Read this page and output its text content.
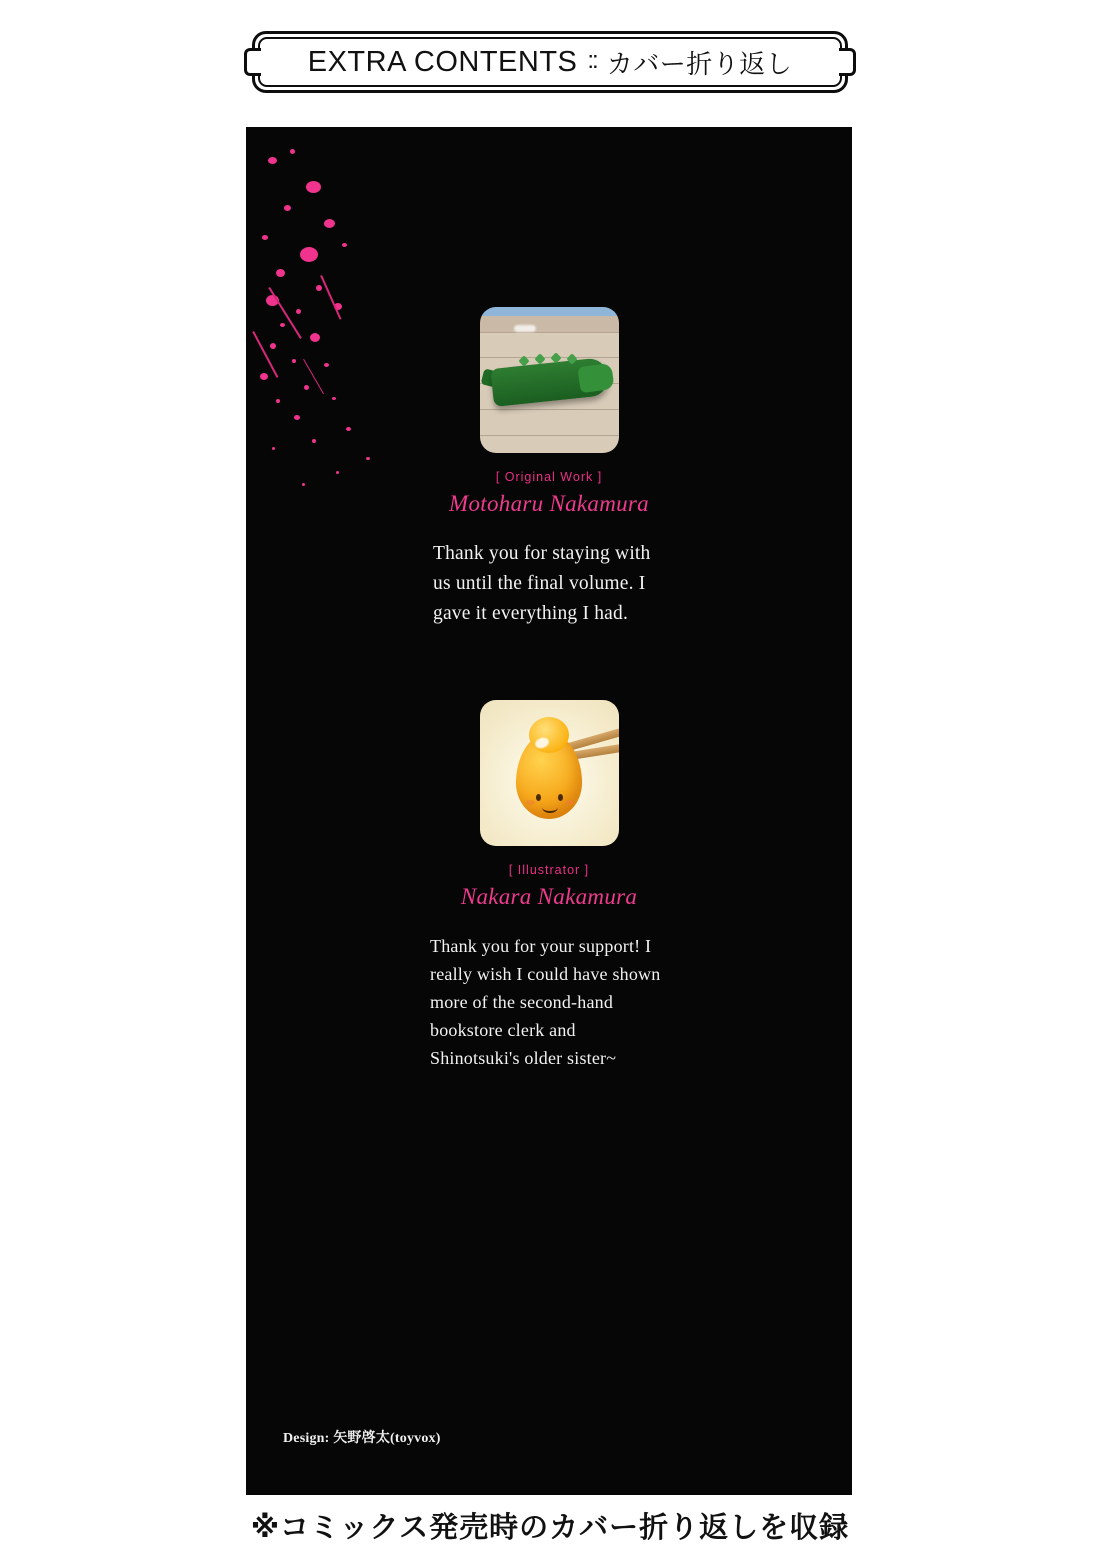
EXTRA CONTENTS :: カバー折り返し
[ Original Work ]
Motoharu Nakamura
Thank you for staying with us until the final volume. I gave it everything I had.
[ Illustrator ]
Nakara Nakamura
Thank you for your support! I really wish I could have shown more of the second-hand bookstore clerk and Shinotsuki's older sister~
Design: 矢野啓太(toyvox)
※コミックス発売時のカバー折り返しを収録
